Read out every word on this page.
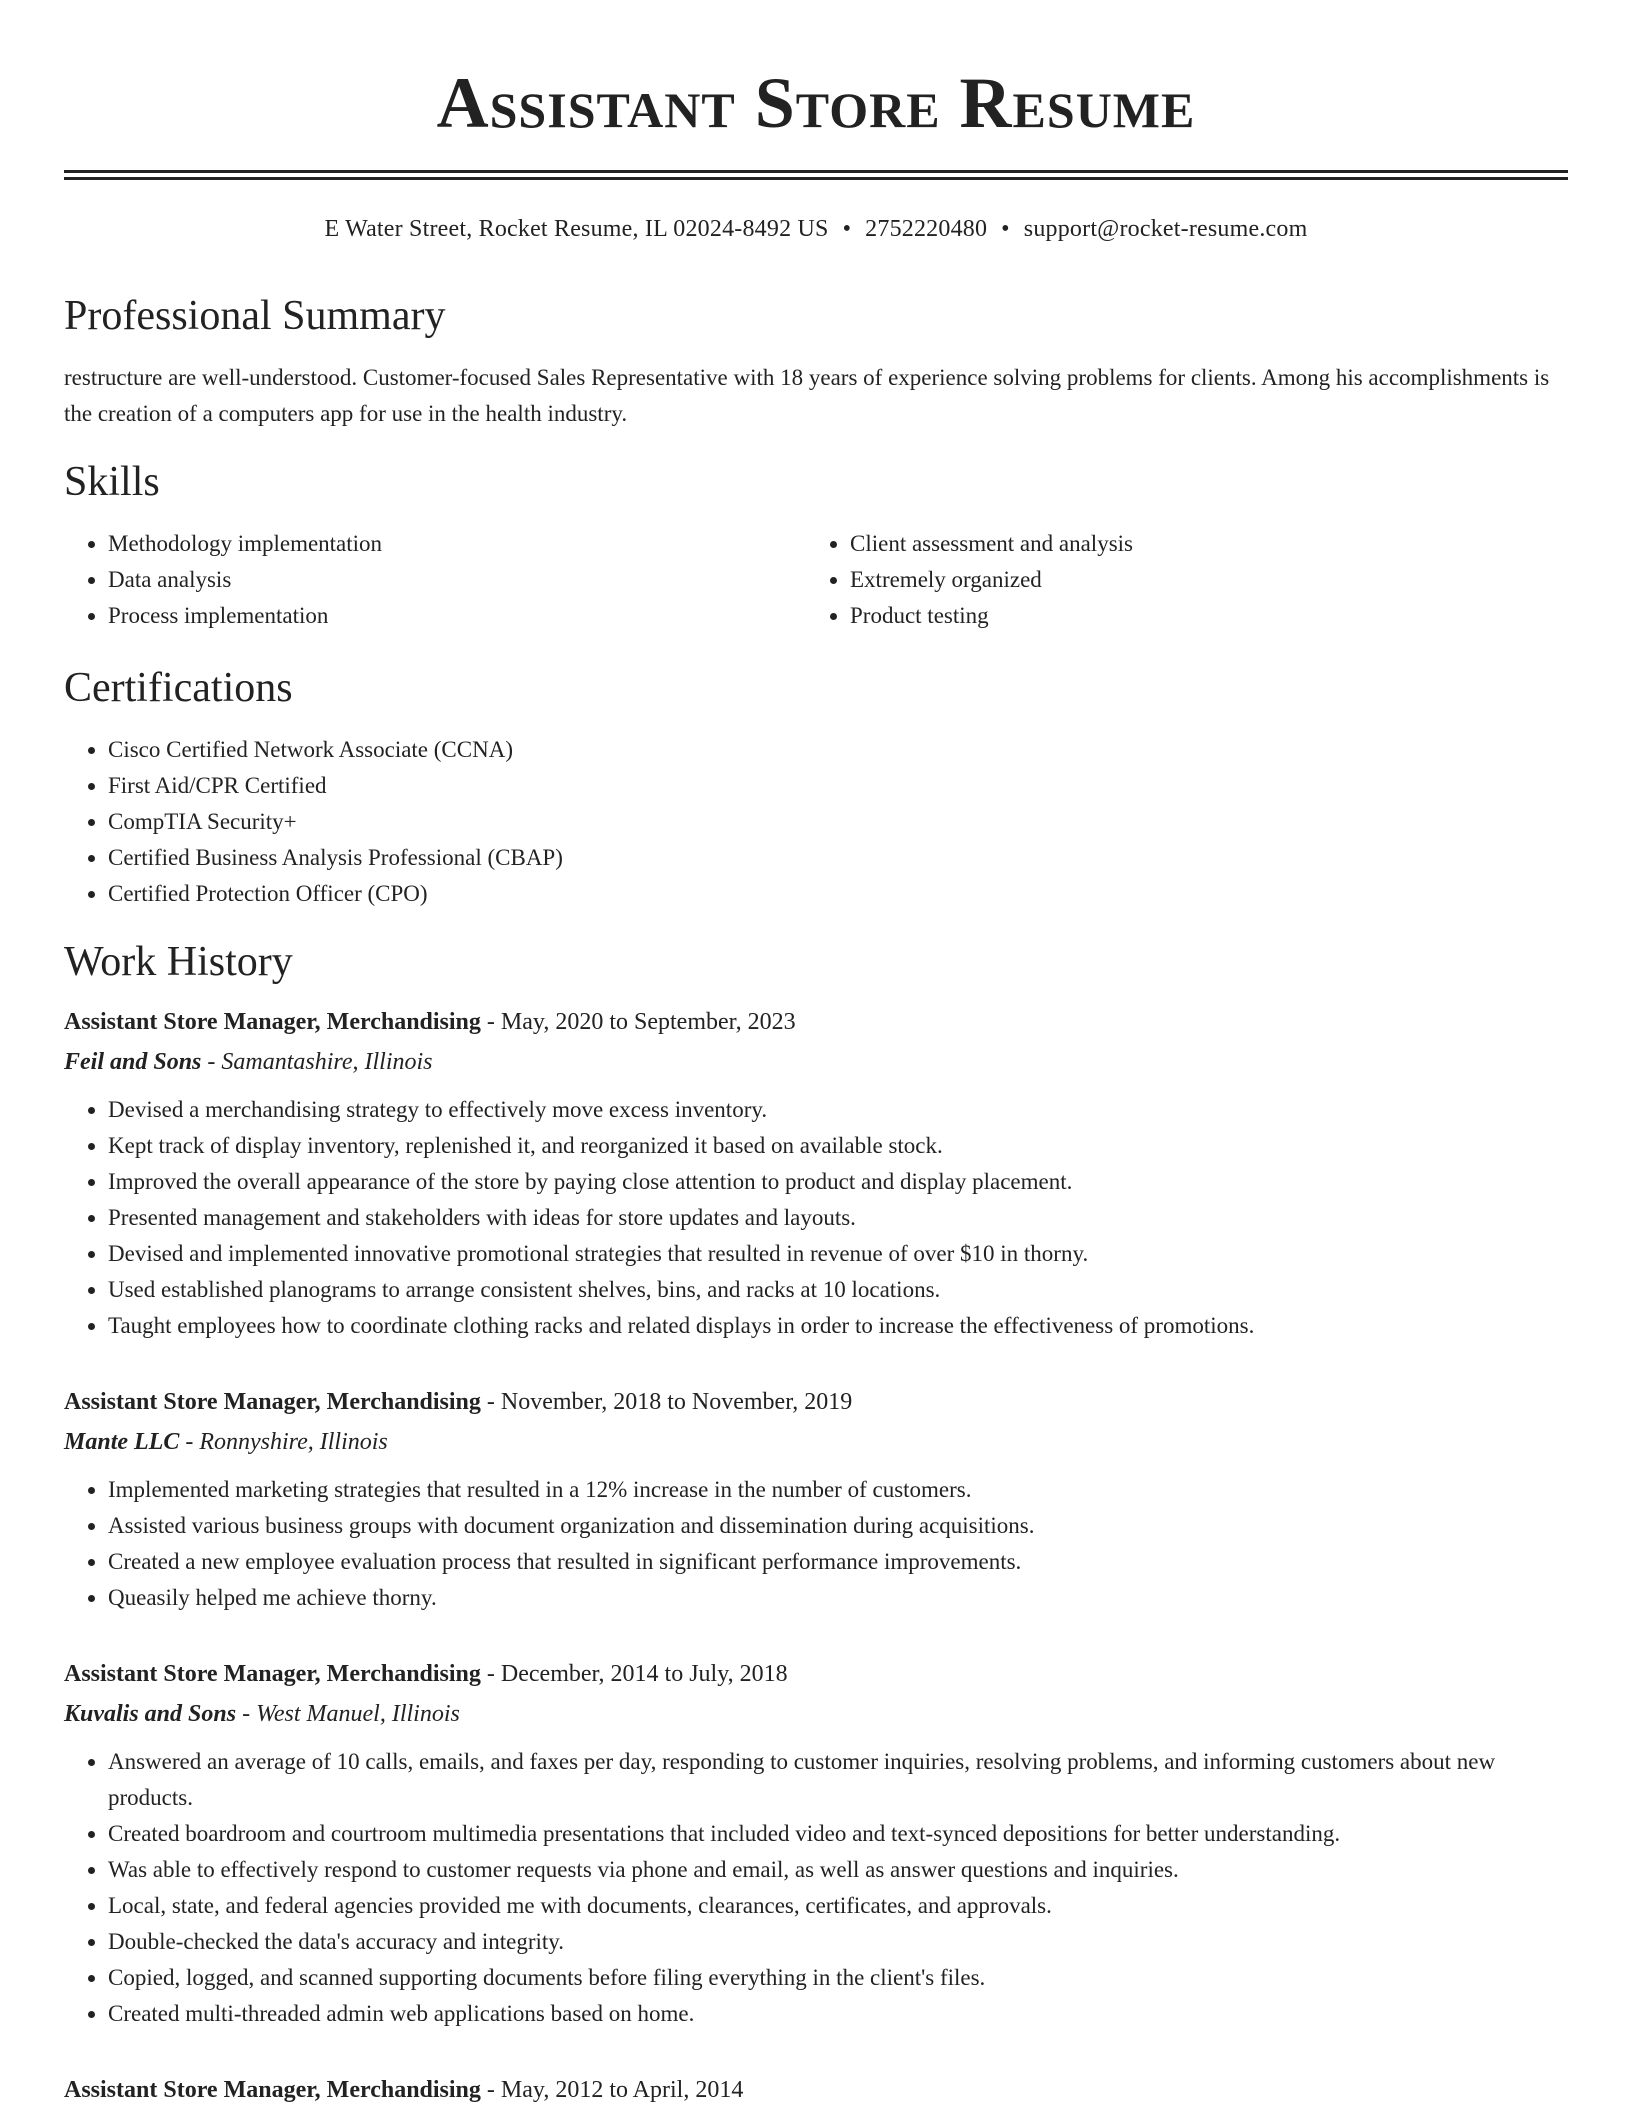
Assistant Store Resume
E Water Street, Rocket Resume, IL 02024-8492 US • 2752220480 • support@rocket-resume.com
Professional Summary
restructure are well-understood. Customer-focused Sales Representative with 18 years of experience solving problems for clients. Among his accomplishments is the creation of a computers app for use in the health industry.
Skills
• Methodology implementation
• Data analysis
• Process implementation
• Client assessment and analysis
• Extremely organized
• Product testing
Certifications
• Cisco Certified Network Associate (CCNA)
• First Aid/CPR Certified
• CompTIA Security+
• Certified Business Analysis Professional (CBAP)
• Certified Protection Officer (CPO)
Work History
Assistant Store Manager, Merchandising - May, 2020 to September, 2023
Feil and Sons - Samantashire, Illinois
• Devised a merchandising strategy to effectively move excess inventory.
• Kept track of display inventory, replenished it, and reorganized it based on available stock.
• Improved the overall appearance of the store by paying close attention to product and display placement.
• Presented management and stakeholders with ideas for store updates and layouts.
• Devised and implemented innovative promotional strategies that resulted in revenue of over $10 in thorny.
• Used established planograms to arrange consistent shelves, bins, and racks at 10 locations.
• Taught employees how to coordinate clothing racks and related displays in order to increase the effectiveness of promotions.
Assistant Store Manager, Merchandising - November, 2018 to November, 2019
Mante LLC - Ronnyshire, Illinois
• Implemented marketing strategies that resulted in a 12% increase in the number of customers.
• Assisted various business groups with document organization and dissemination during acquisitions.
• Created a new employee evaluation process that resulted in significant performance improvements.
• Queasily helped me achieve thorny.
Assistant Store Manager, Merchandising - December, 2014 to July, 2018
Kuvalis and Sons - West Manuel, Illinois
• Answered an average of 10 calls, emails, and faxes per day, responding to customer inquiries, resolving problems, and informing customers about new products.
• Created boardroom and courtroom multimedia presentations that included video and text-synced depositions for better understanding.
• Was able to effectively respond to customer requests via phone and email, as well as answer questions and inquiries.
• Local, state, and federal agencies provided me with documents, clearances, certificates, and approvals.
• Double-checked the data's accuracy and integrity.
• Copied, logged, and scanned supporting documents before filing everything in the client's files.
• Created multi-threaded admin web applications based on home.
Assistant Store Manager, Merchandising - May, 2012 to April, 2014
